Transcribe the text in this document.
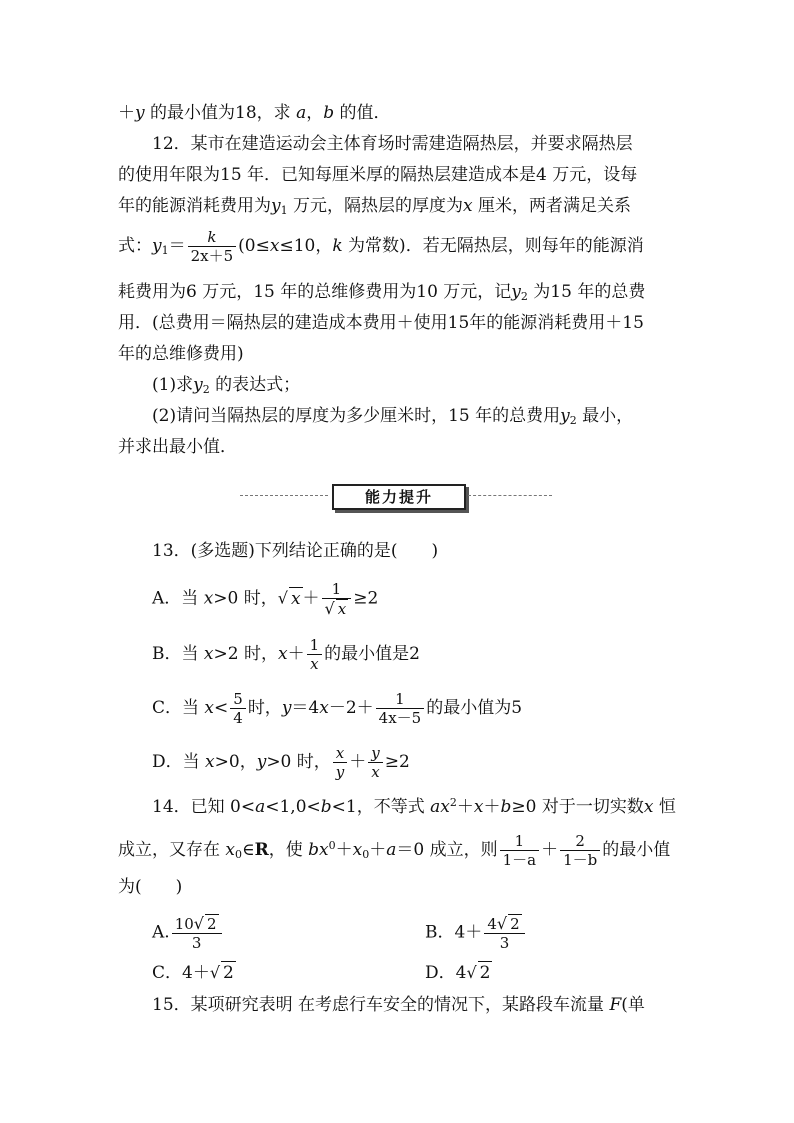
＋y 的最小值为18，求 a，b 的值．
12．某市在建造运动会主体育场时需建造隔热层，并要求隔热层
的使用年限为15 年．已知每厘米厚的隔热层建造成本是4 万元，设每
年的能源消耗费用为$y_1$ 万元，隔热层的厚度为x 厘米，两者满足关系
式：$y_1= \frac{k}{2x+5} (0\le x\le 10$，k 为常数)．若无隔热层，则每年的能源消
耗费用为6 万元，15 年的总维修费用为10 万元，记$y_2$ 为15 年的总费
用．(总费用＝隔热层的建造成本费用＋使用15年的能源消耗费用＋15
年的总维修费用)
(1)求$y_2$ 的表达式；
(2)请问当隔热层的厚度为多少厘米时，15 年的总费用$y_2$ 最小，
并求出最小值．
能力提升
13．(多选题)下列结论正确的是(　　)
A．当 x>0 时，√ $x + \frac{1}{√ x} \ge 2$
B．当 x>2 时，$x+ \frac{1}{x}$ 的最小值是2
C．当 $x< \frac{5}{4}$ 时，$y=4x-2+ \frac{1}{4x-5}$ 的最小值为5
D．当 x>0，y>0 时， $\frac{x}{y} + \frac{y}{x} \ge 2$
14．已知 0<a<1,0<b<1，不等式 $ax^2+x+b\ge 0$ 对于一切实数x 恒
成立，又存在 $x_0\in R$，使 $bx^0+x_0+a=0$ 成立，则 $\frac{1}{1-a} + \frac{2}{1-b}$ 的最小值
为(　　)
A. $\frac{10√ 2}{3}$	B．$4+ \frac{4√ 2}{3}$
C．4＋√ 2	D．4√ 2
15．某项研究表明 在考虑行车安全的情况下，某路段车流量 F(单
